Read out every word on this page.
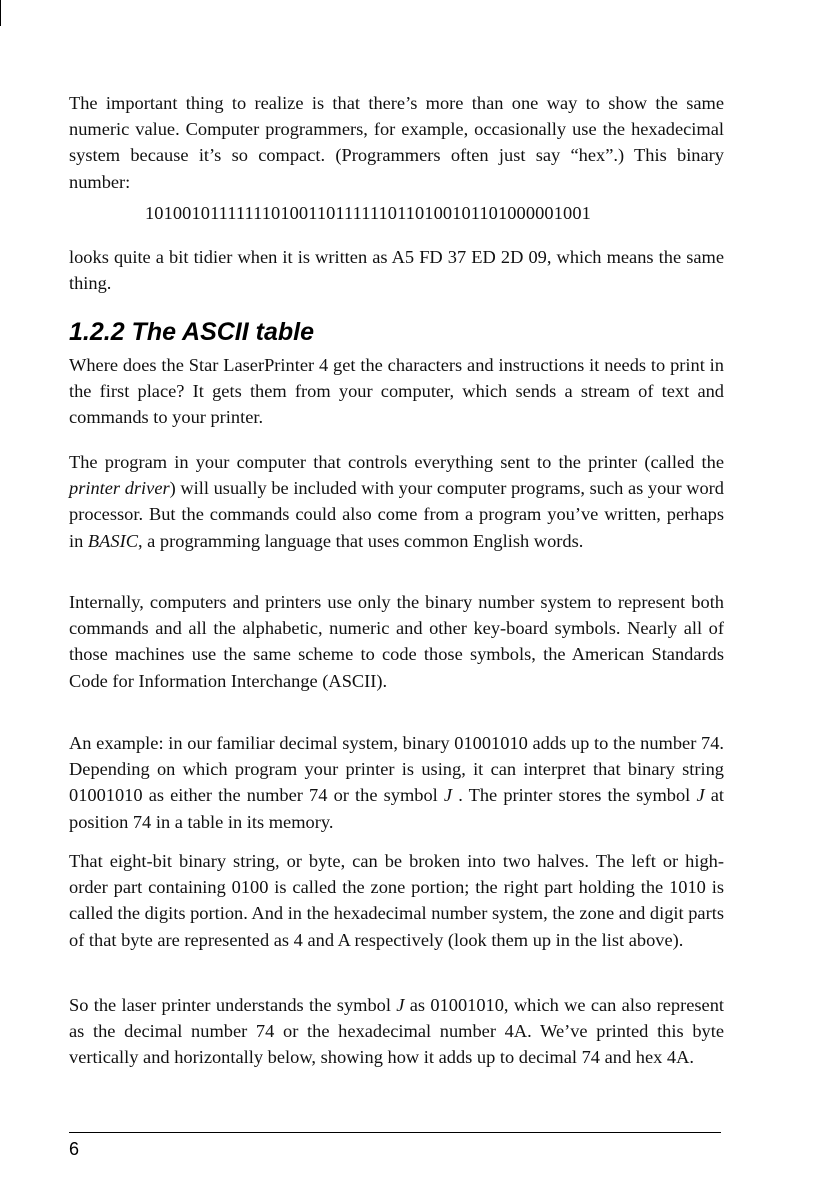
The important thing to realize is that there’s more than one way to show the same numeric value. Computer programmers, for example, occasionally use the hexadecimal system because it’s so compact. (Programmers often just say “hex”.) This binary number:

1010010111111101001101111110110100101101000001001

looks quite a bit tidier when it is written as A5 FD 37 ED 2D 09, which means the same thing.

1.2.2 The ASCII table

Where does the Star LaserPrinter 4 get the characters and instructions it needs to print in the first place? It gets them from your computer, which sends a stream of text and commands to your printer.

The program in your computer that controls everything sent to the printer (called the printer driver) will usually be included with your computer programs, such as your word processor. But the commands could also come from a program you’ve written, perhaps in BASIC, a programming language that uses common English words.

Internally, computers and printers use only the binary number system to represent both commands and all the alphabetic, numeric and other key-board symbols. Nearly all of those machines use the same scheme to code those symbols, the American Standards Code for Information Interchange (ASCII).

An example: in our familiar decimal system, binary 01001010 adds up to the number 74. Depending on which program your printer is using, it can interpret that binary string 01001010 as either the number 74 or the symbol J . The printer stores the symbol J at position 74 in a table in its memory.

That eight-bit binary string, or byte, can be broken into two halves. The left or high-order part containing 0100 is called the zone portion; the right part holding the 1010 is called the digits portion. And in the hexadecimal number system, the zone and digit parts of that byte are represented as 4 and A respectively (look them up in the list above).

So the laser printer understands the symbol J as 01001010, which we can also represent as the decimal number 74 or the hexadecimal number 4A. We’ve printed this byte vertically and horizontally below, showing how it adds up to decimal 74 and hex 4A.

6
